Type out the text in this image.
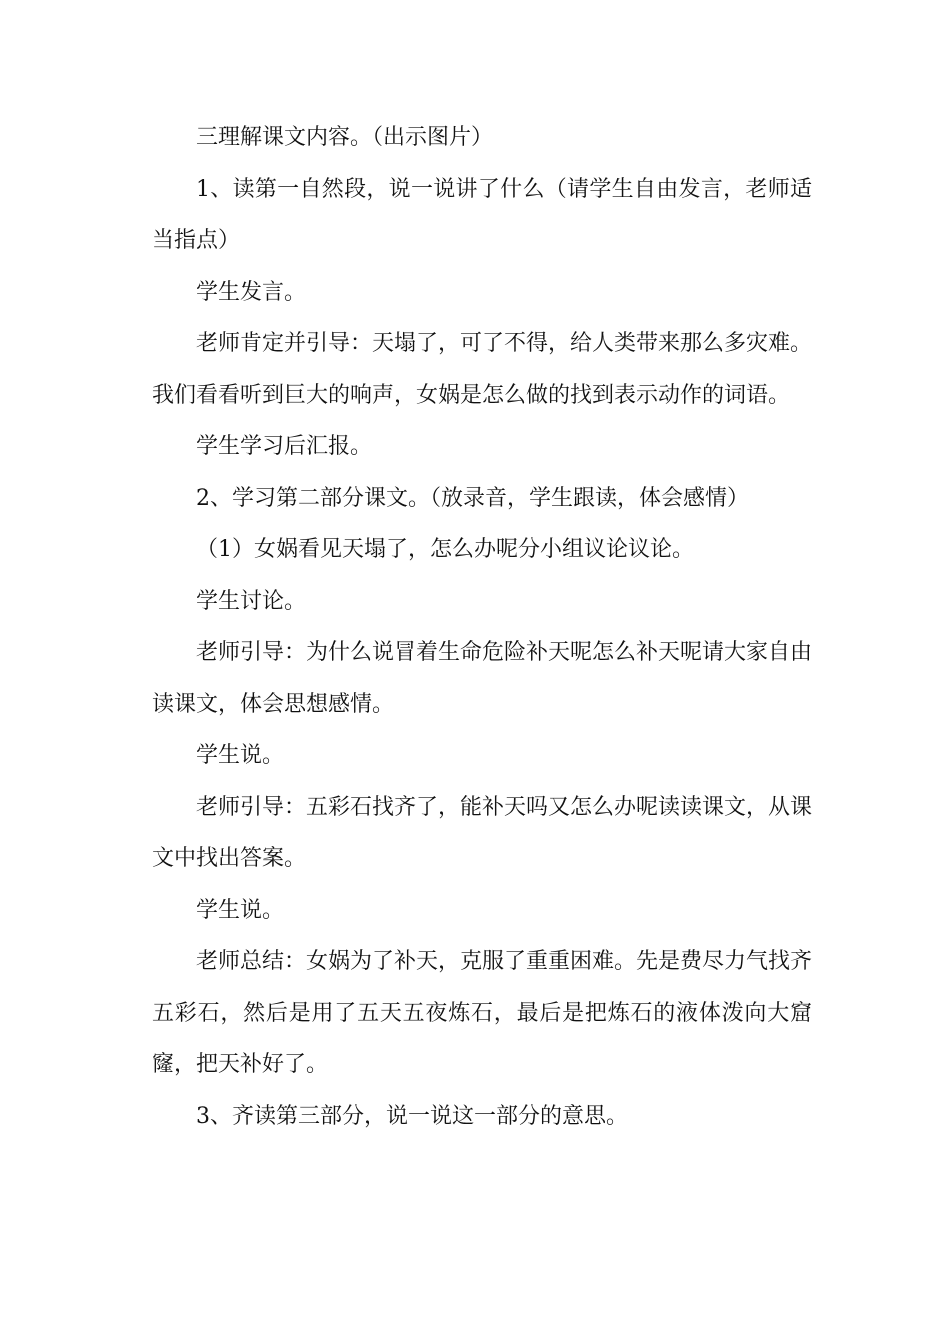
三理解课文内容。（出示图片）

1、读第一自然段，说一说讲了什么（请学生自由发言，老师适当指点）

学生发言。

老师肯定并引导：天塌了，可了不得，给人类带来那么多灾难。我们看看听到巨大的响声，女娲是怎么做的找到表示动作的词语。

学生学习后汇报。

2、学习第二部分课文。（放录音，学生跟读，体会感情）

（1）女娲看见天塌了，怎么办呢分小组议论议论。

学生讨论。

老师引导：为什么说冒着生命危险补天呢怎么补天呢请大家自由读课文，体会思想感情。

学生说。

老师引导：五彩石找齐了，能补天吗又怎么办呢读读课文，从课文中找出答案。

学生说。

老师总结：女娲为了补天，克服了重重困难。先是费尽力气找齐五彩石，然后是用了五天五夜炼石，最后是把炼石的液体泼向大窟窿，把天补好了。

3、齐读第三部分，说一说这一部分的意思。
